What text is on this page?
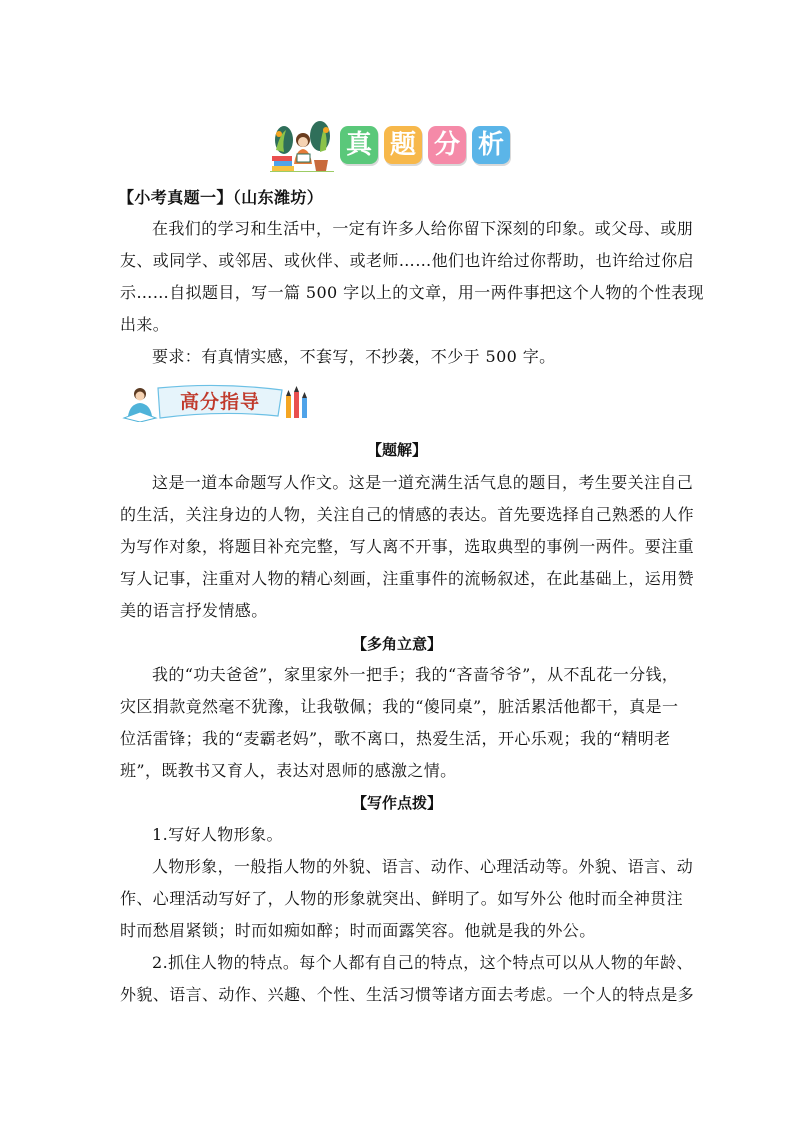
真 题 分 析
【小考真题一】（山东潍坊）
在我们的学习和生活中，一定有许多人给你留下深刻的印象。或父母、或朋
友、或同学、或邻居、或伙伴、或老师……他们也许给过你帮助，也许给过你启
示……自拟题目，写一篇 500 字以上的文章，用一两件事把这个人物的个性表现
出来。
要求：有真情实感，不套写，不抄袭，不少于 500 字。
高分指导
【题解】
这是一道本命题写人作文。这是一道充满生活气息的题目，考生要关注自己
的生活，关注身边的人物，关注自己的情感的表达。首先要选择自己熟悉的人作
为写作对象，将题目补充完整，写人离不开事，选取典型的事例一两件。要注重
写人记事，注重对人物的精心刻画，注重事件的流畅叙述，在此基础上，运用赞
美的语言抒发情感。
【多角立意】
我的“功夫爸爸”，家里家外一把手；我的“吝啬爷爷”，从不乱花一分钱，
灾区捐款竟然毫不犹豫，让我敬佩；我的“傻同桌”，脏活累活他都干，真是一
位活雷锋；我的“麦霸老妈”，歌不离口，热爱生活，开心乐观；我的“精明老
班”，既教书又育人，表达对恩师的感激之情。
【写作点拨】
1.写好人物形象。
人物形象，一般指人物的外貌、语言、动作、心理活动等。外貌、语言、动
作、心理活动写好了，人物的形象就突出、鲜明了。如写外公 他时而全神贯注
时而愁眉紧锁；时而如痴如醉；时而面露笑容。他就是我的外公。
2.抓住人物的特点。每个人都有自己的特点，这个特点可以从人物的年龄、
外貌、语言、动作、兴趣、个性、生活习惯等诸方面去考虑。一个人的特点是多
